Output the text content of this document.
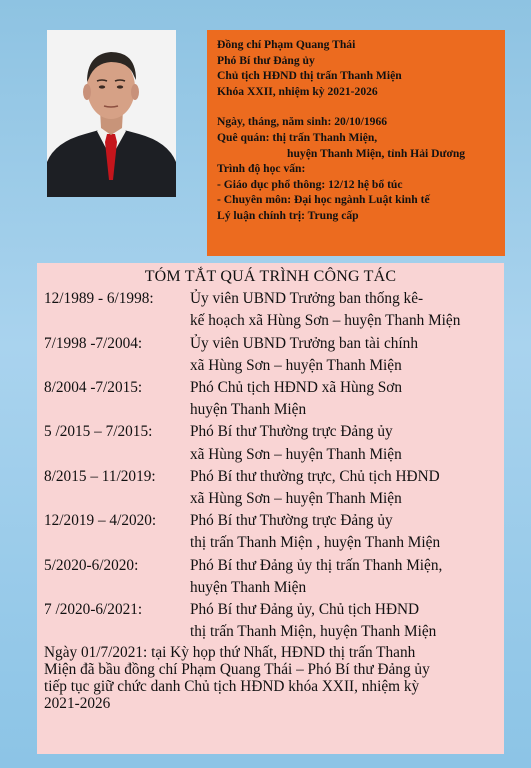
Đồng chí Phạm Quang Thái
Phó Bí thư Đảng ủy
Chủ tịch HĐND thị trấn Thanh Miện
Khóa XXII, nhiệm kỳ 2021-2026
Ngày, tháng, năm sinh: 20/10/1966
Quê quán: thị trấn Thanh Miện,
huyện Thanh Miện, tỉnh Hải Dương
Trình độ học vấn:
- Giáo dục phổ thông: 12/12 hệ bổ túc
- Chuyên môn: Đại học ngành Luật kinh tế
Lý luận chính trị: Trung cấp
TÓM TẮT QUÁ TRÌNH CÔNG TÁC
12/1989 - 6/1998:	Ủy viên UBND Trưởng ban thống kê-
kế hoạch xã Hùng Sơn – huyện Thanh Miện
7/1998 -7/2004:	Ủy viên UBND Trưởng ban tài chính
xã Hùng Sơn – huyện Thanh Miện
8/2004 -7/2015:	Phó Chủ tịch HĐND xã Hùng Sơn
huyện Thanh Miện
5 /2015 – 7/2015:	Phó Bí thư Thường trực Đảng ủy
xã Hùng Sơn – huyện Thanh Miện
8/2015 – 11/2019:	Phó Bí thư thường trực, Chủ tịch HĐND
xã Hùng Sơn – huyện Thanh Miện
12/2019 – 4/2020:	Phó Bí thư Thường trực Đảng ủy
thị trấn Thanh Miện , huyện Thanh Miện
5/2020-6/2020:	Phó Bí thư Đảng ủy thị trấn Thanh Miện,
huyện Thanh Miện
7 /2020-6/2021:	Phó Bí thư Đảng ủy, Chủ tịch HĐND
thị trấn Thanh Miện, huyện Thanh Miện
Ngày 01/7/2021: tại Kỳ họp thứ Nhất, HĐND thị trấn Thanh
Miện đã bầu đồng chí Phạm Quang Thái – Phó Bí thư Đảng ủy
tiếp tục giữ chức danh Chủ tịch HĐND khóa XXII, nhiệm kỳ
2021-2026
